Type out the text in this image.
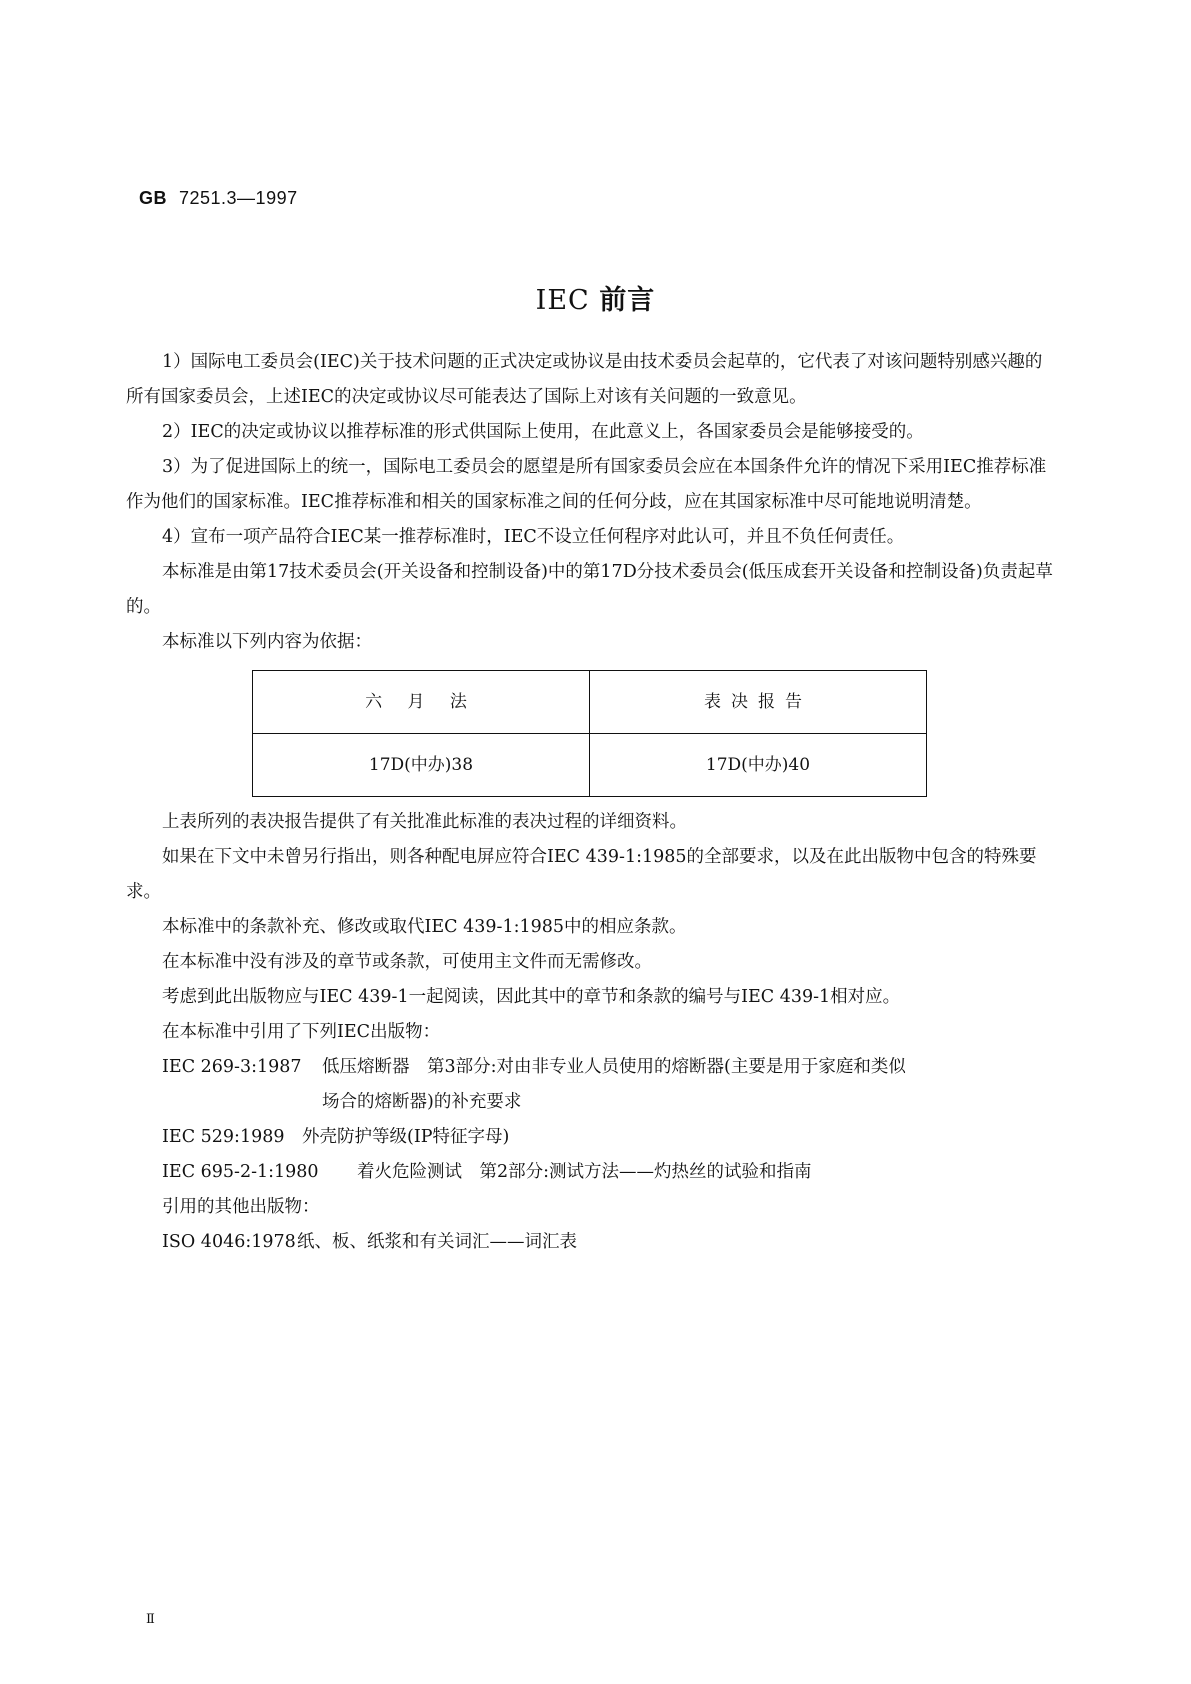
GB 7251.3—1997
IEC 前言

1）国际电工委员会(IEC)关于技术问题的正式决定或协议是由技术委员会起草的，它代表了对该问题特别感兴趣的所有国家委员会，上述IEC的决定或协议尽可能表达了国际上对该有关问题的一致意见。

2）IEC的决定或协议以推荐标准的形式供国际上使用，在此意义上，各国家委员会是能够接受的。

3）为了促进国际上的统一，国际电工委员会的愿望是所有国家委员会应在本国条件允许的情况下采用IEC推荐标准作为他们的国家标准。IEC推荐标准和相关的国家标准之间的任何分歧，应在其国家标准中尽可能地说明清楚。

4）宣布一项产品符合IEC某一推荐标准时，IEC不设立任何程序对此认可，并且不负任何责任。

本标准是由第17技术委员会(开关设备和控制设备)中的第17D分技术委员会(低压成套开关设备和控制设备)负责起草的。

本标准以下列内容为依据：

六 月 法	表决报告
17D(中办)38	17D(中办)40

上表所列的表决报告提供了有关批准此标准的表决过程的详细资料。

如果在下文中未曾另行指出，则各种配电屏应符合IEC 439-1:1985的全部要求，以及在此出版物中包含的特殊要求。

本标准中的条款补充、修改或取代IEC 439-1:1985中的相应条款。

在本标准中没有涉及的章节或条款，可使用主文件而无需修改。

考虑到此出版物应与IEC 439-1一起阅读，因此其中的章节和条款的编号与IEC 439-1相对应。

在本标准中引用了下列IEC出版物：

IEC 269-3:1987 低压熔断器　第3部分:对由非专业人员使用的熔断器(主要是用于家庭和类似
场合的熔断器)的补充要求

IEC 529:1989 外壳防护等级(IP特征字母)

IEC 695-2-1:1980 着火危险测试　第2部分:测试方法——灼热丝的试验和指南

引用的其他出版物：

ISO 4046:1978纸、板、纸浆和有关词汇——词汇表

Ⅱ
